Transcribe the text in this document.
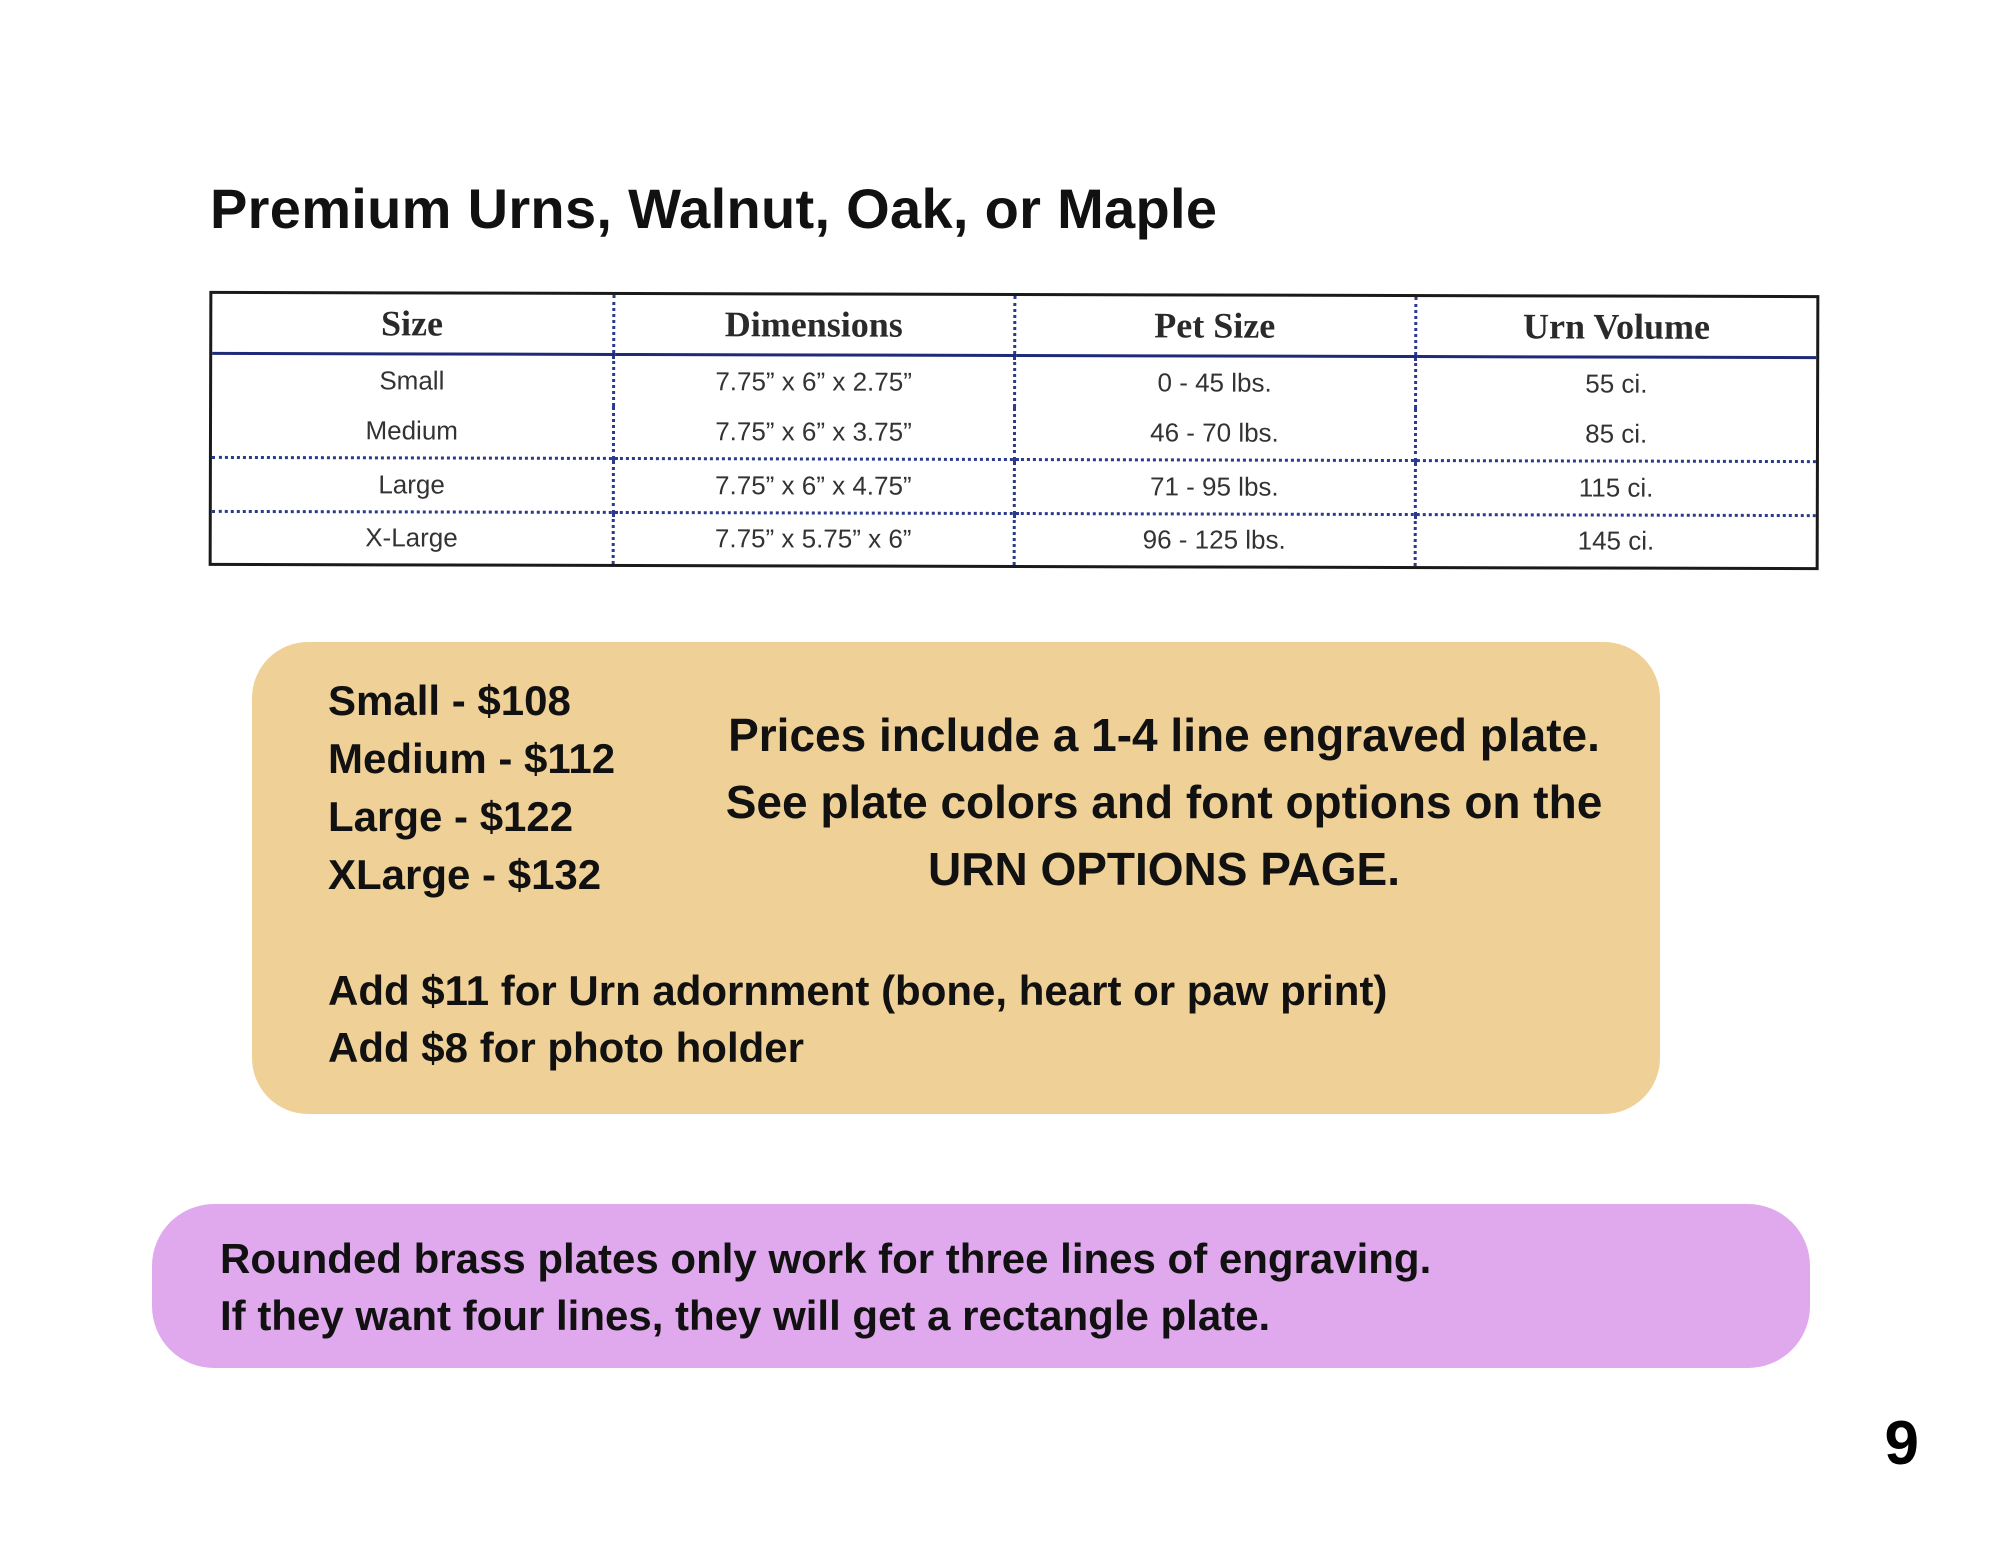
Premium Urns, Walnut, Oak, or Maple
Size	Dimensions	Pet Size	Urn Volume
Small	7.75” x 6” x 2.75”	0 - 45 lbs.	55 ci.
Medium	7.75” x 6” x 3.75”	46 - 70 lbs.	85 ci.
Large	7.75” x 6” x 4.75”	71 - 95 lbs.	115 ci.
X-Large	7.75” x 5.75” x 6”	96 - 125 lbs.	145 ci.
Small - $108
Medium - $112
Large - $122
XLarge - $132

Prices include a 1-4 line engraved plate. See plate colors and font options on the URN OPTIONS PAGE.

Add $11 for Urn adornment (bone, heart or paw print)
Add $8 for photo holder

Rounded brass plates only work for three lines of engraving.
If they want four lines, they will get a rectangle plate.

9
